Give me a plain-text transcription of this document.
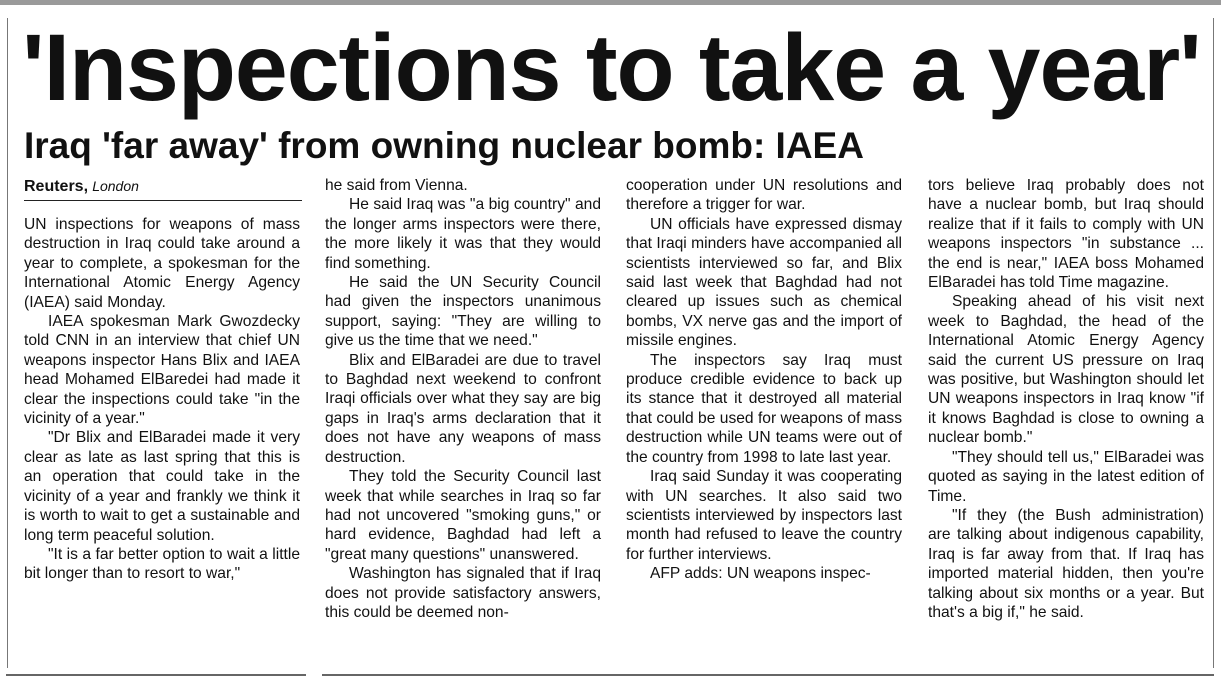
'Inspections to take a year'
Iraq 'far away' from owning nuclear bomb: IAEA
Reuters, London

UN inspections for weapons of mass destruction in Iraq could take around a year to complete, a spokesman for the International Atomic Energy Agency (IAEA) said Monday.

IAEA spokesman Mark Gwozdecky told CNN in an interview that chief UN weapons inspector Hans Blix and IAEA head Mohamed ElBaredei had made it clear the inspections could take "in the vicinity of a year."

"Dr Blix and ElBaradei made it very clear as late as last spring that this is an operation that could take in the vicinity of a year and frankly we think it is worth to wait to get a sustainable and long term peaceful solution.

"It is a far better option to wait a little bit longer than to resort to war,"

he said from Vienna.

He said Iraq was "a big country" and the longer arms inspectors were there, the more likely it was that they would find something.

He said the UN Security Council had given the inspectors unanimous support, saying: "They are willing to give us the time that we need."

Blix and ElBaradei are due to travel to Baghdad next weekend to confront Iraqi officials over what they say are big gaps in Iraq's arms declaration that it does not have any weapons of mass destruction.

They told the Security Council last week that while searches in Iraq so far had not uncovered "smoking guns," or hard evidence, Baghdad had left a "great many questions" unanswered.

Washington has signaled that if Iraq does not provide satisfactory answers, this could be deemed non-

cooperation under UN resolutions and therefore a trigger for war.

UN officials have expressed dismay that Iraqi minders have accompanied all scientists interviewed so far, and Blix said last week that Baghdad had not cleared up issues such as chemical bombs, VX nerve gas and the import of missile engines.

The inspectors say Iraq must produce credible evidence to back up its stance that it destroyed all material that could be used for weapons of mass destruction while UN teams were out of the country from 1998 to late last year.

Iraq said Sunday it was cooperating with UN searches. It also said two scientists interviewed by inspectors last month had refused to leave the country for further interviews.

AFP adds: UN weapons inspec-

tors believe Iraq probably does not have a nuclear bomb, but Iraq should realize that if it fails to comply with UN weapons inspectors "in substance ... the end is near," IAEA boss Mohamed ElBaradei has told Time magazine.

Speaking ahead of his visit next week to Baghdad, the head of the International Atomic Energy Agency said the current US pressure on Iraq was positive, but Washington should let UN weapons inspectors in Iraq know "if it knows Baghdad is close to owning a nuclear bomb."

"They should tell us," ElBaradei was quoted as saying in the latest edition of Time.

"If they (the Bush administration) are talking about indigenous capability, Iraq is far away from that. If Iraq has imported material hidden, then you're talking about six months or a year. But that's a big if," he said.
